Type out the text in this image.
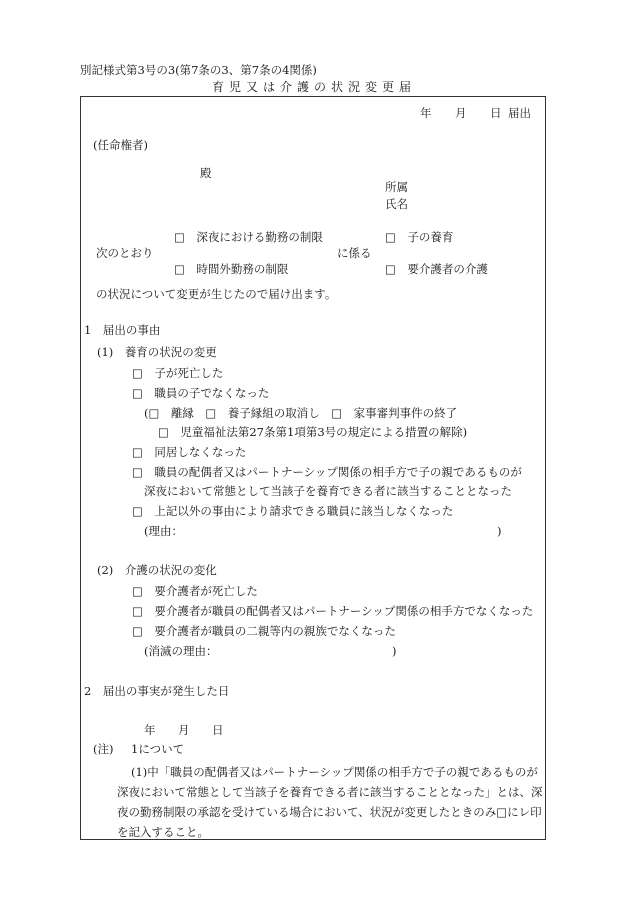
別記様式第3号の3(第7条の3、第7条の4関係)
育児又は介護の状況変更届
年 月 日 届出
(任命権者)
殿
所属
氏名
□　深夜における勤務の制限	□　子の養育
次のとおり	に係る
□　時間外勤務の制限	□　要介護者の介護
の状況について変更が生じたので届け出ます。
1　届出の事由
(1)　養育の状況の変更
□　子が死亡した
□　職員の子でなくなった
(□　離縁　□　養子縁組の取消し　□　家事審判事件の終了
□　児童福祉法第27条第1項第3号の規定による措置の解除)
□　同居しなくなった
□　職員の配偶者又はパートナーシップ関係の相手方で子の親であるものが
深夜において常態として当該子を養育できる者に該当することとなった
□　上記以外の事由により請求できる職員に該当しなくなった
(理由：	)
(2)　介護の状況の変化
□　要介護者が死亡した
□　要介護者が職員の配偶者又はパートナーシップ関係の相手方でなくなった
□　要介護者が職員の二親等内の親族でなくなった
(消滅の理由：	)
2　届出の事実が発生した日
年 月 日
(注) 1について
(1)中「職員の配偶者又はパートナーシップ関係の相手方で子の親であるものが
深夜において常態として当該子を養育できる者に該当することとなった」とは、深
夜の勤務制限の承認を受けている場合において、状況が変更したときのみ□にレ印
を記入すること。
